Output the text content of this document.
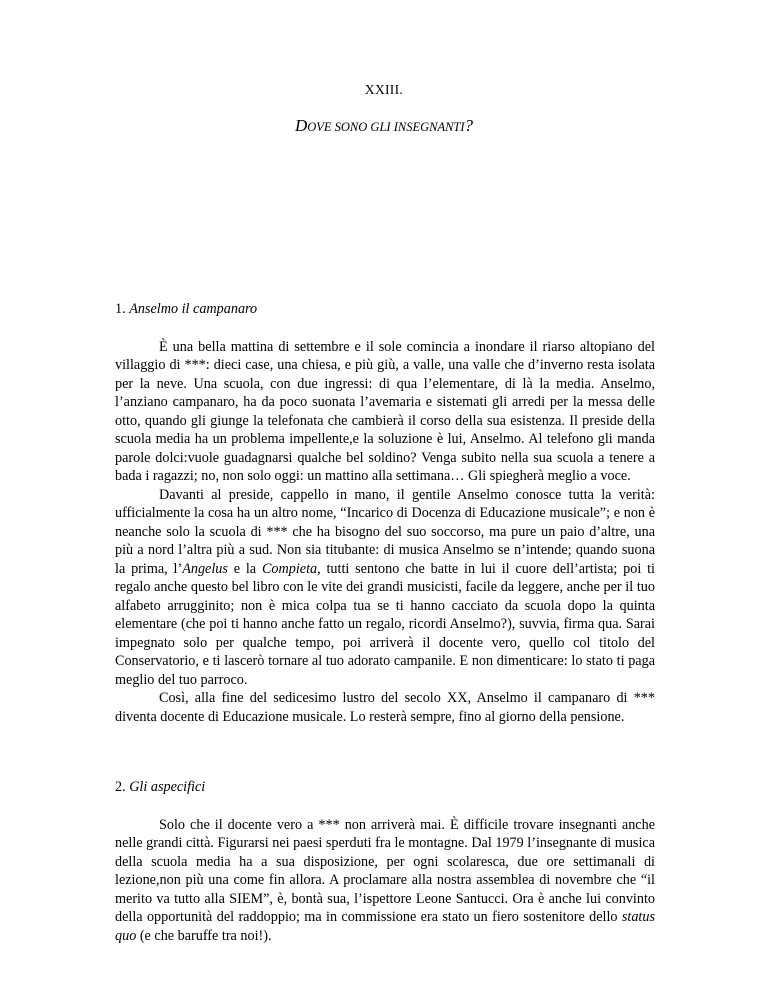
XXIII.
DOVE SONO GLI INSEGNANTI?

1. Anselmo il campanaro

È una bella mattina di settembre e il sole comincia a inondare il riarso altopiano del villaggio di ***: dieci case, una chiesa, e più giù, a valle, una valle che d’inverno resta isolata per la neve. Una scuola, con due ingressi: di qua l’elementare, di là la media. Anselmo, l’anziano campanaro, ha da poco suonata l’avemaria e sistemati gli arredi per la messa delle otto, quando gli giunge la telefonata che cambierà il corso della sua esistenza. Il preside della scuola media ha un problema impellente,e la soluzione è lui, Anselmo. Al telefono gli manda parole dolci:vuole guadagnarsi qualche bel soldino? Venga subito nella sua scuola a tenere a bada i ragazzi; no, non solo oggi: un mattino alla settimana… Gli spiegherà meglio a voce.

Davanti al preside, cappello in mano, il gentile Anselmo conosce tutta la verità: ufficialmente la cosa ha un altro nome, “Incarico di Docenza di Educazione musicale”; e non è neanche solo la scuola di *** che ha bisogno del suo soccorso, ma pure un paio d’altre, una più a nord l’altra più a sud. Non sia titubante: di musica Anselmo se n’intende; quando suona la prima, l’Angelus e la Compieta, tutti sentono che batte in lui il cuore dell’artista; poi ti regalo anche questo bel libro con le vite dei grandi musicisti, facile da leggere, anche per il tuo alfabeto arrugginito; non è mica colpa tua se ti hanno cacciato da scuola dopo la quinta elementare (che poi ti hanno anche fatto un regalo, ricordi Anselmo?), suvvia, firma qua. Sarai impegnato solo per qualche tempo, poi arriverà il docente vero, quello col titolo del Conservatorio, e ti lascerò tornare al tuo adorato campanile. E non dimenticare: lo stato ti paga meglio del tuo parroco.

Così, alla fine del sedicesimo lustro del secolo XX, Anselmo il campanaro di *** diventa docente di Educazione musicale. Lo resterà sempre, fino al giorno della pensione.

2. Gli aspecifici

Solo che il docente vero a *** non arriverà mai. È difficile trovare insegnanti anche nelle grandi città. Figurarsi nei paesi sperduti fra le montagne. Dal 1979 l’insegnante di musica della scuola media ha a sua disposizione, per ogni scolaresca, due ore settimanali di lezione,non più una come fin allora. A proclamare alla nostra assemblea di novembre che “il merito va tutto alla SIEM”, è, bontà sua, l’ispettore Leone Santucci. Ora è anche lui convinto della opportunità del raddoppio; ma in commissione era stato un fiero sostenitore dello status quo (e che baruffe tra noi!).
